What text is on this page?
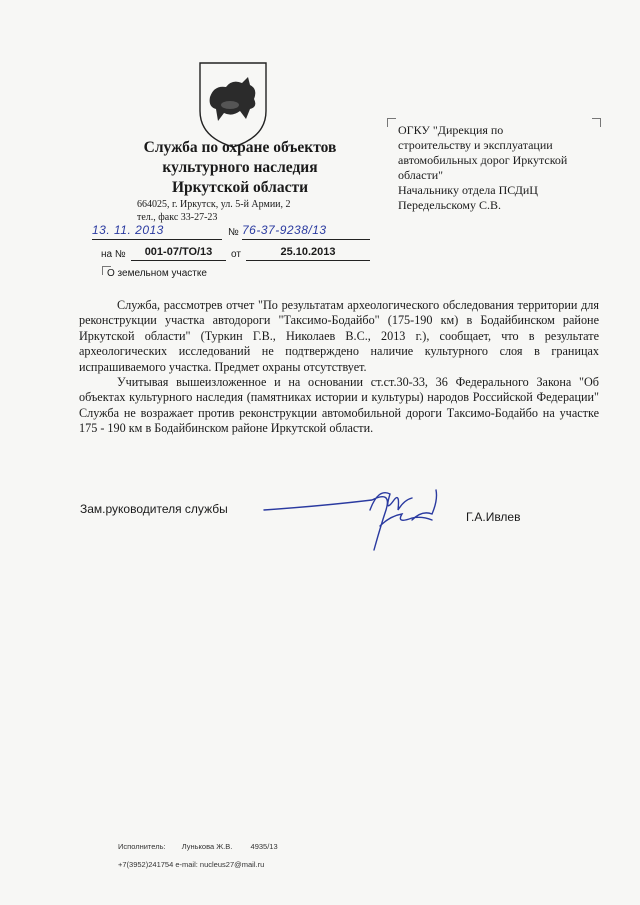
Служба по охране объектов
культурного наследия
Иркутской области
664025, г. Иркутск, ул. 5-й Армии, 2
тел., факс 33-27-23
13. 11. 2013	№ 76-37-9238/13
на №	001-07/ТО/13	от	25.10.2013
ОГКУ "Дирекция по
строительству и эксплуатации
автомобильных дорог Иркутской
области"
Начальнику отдела ПСДиЦ
Передельскому С.В.
О земельном участке

Служба, рассмотрев отчет "По результатам археологического обследования территории для реконструкции участка автодороги "Таксимо-Бодайбо" (175-190 км) в Бодайбинском районе Иркутской области" (Туркин Г.В., Николаев В.С., 2013 г.), сообщает, что в результате археологических исследований не подтверждено наличие культурного слоя в границах испрашиваемого участка. Предмет охраны отсутствует.

Учитывая вышеизложенное и на основании ст.ст.30-33, 36 Федерального Закона "Об объектах культурного наследия (памятниках истории и культуры) народов Российской Федерации" Служба не возражает против реконструкции автомобильной дороги Таксимо-Бодайбо на участке 175 - 190 км в Бодайбинском районе Иркутской области.

Зам.руководителя службы
Г.А.Ивлев
Исполнитель: Лунькова Ж.В. 4935/13
+7(3952)241754 e-mail: nucleus27@mail.ru
